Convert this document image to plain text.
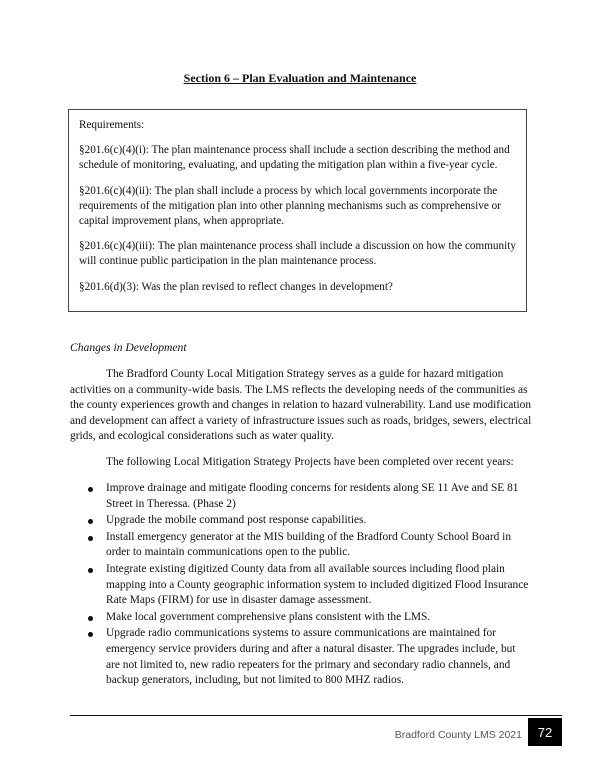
Section 6 – Plan Evaluation and Maintenance

Requirements:

§201.6(c)(4)(i): The plan maintenance process shall include a section describing the method and schedule of monitoring, evaluating, and updating the mitigation plan within a five-year cycle.

§201.6(c)(4)(ii): The plan shall include a process by which local governments incorporate the requirements of the mitigation plan into other planning mechanisms such as comprehensive or capital improvement plans, when appropriate.

§201.6(c)(4)(iii): The plan maintenance process shall include a discussion on how the community will continue public participation in the plan maintenance process.

§201.6(d)(3): Was the plan revised to reflect changes in development?

Changes in Development
The Bradford County Local Mitigation Strategy serves as a guide for hazard mitigation activities on a community-wide basis. The LMS reflects the developing needs of the communities as the county experiences growth and changes in relation to hazard vulnerability. Land use modification and development can affect a variety of infrastructure issues such as roads, bridges, sewers, electrical grids, and ecological considerations such as water quality.
The following Local Mitigation Strategy Projects have been completed over recent years:
Improve drainage and mitigate flooding concerns for residents along SE 11 Ave and SE 81 Street in Theressa. (Phase 2)
Upgrade the mobile command post response capabilities.
Install emergency generator at the MIS building of the Bradford County School Board in order to maintain communications open to the public.
Integrate existing digitized County data from all available sources including flood plain mapping into a County geographic information system to included digitized Flood Insurance Rate Maps (FIRM) for use in disaster damage assessment.
Make local government comprehensive plans consistent with the LMS.
Upgrade radio communications systems to assure communications are maintained for emergency service providers during and after a natural disaster. The upgrades include, but are not limited to, new radio repeaters for the primary and secondary radio channels, and backup generators, including, but not limited to 800 MHZ radios.
Bradford County LMS 2021	72
